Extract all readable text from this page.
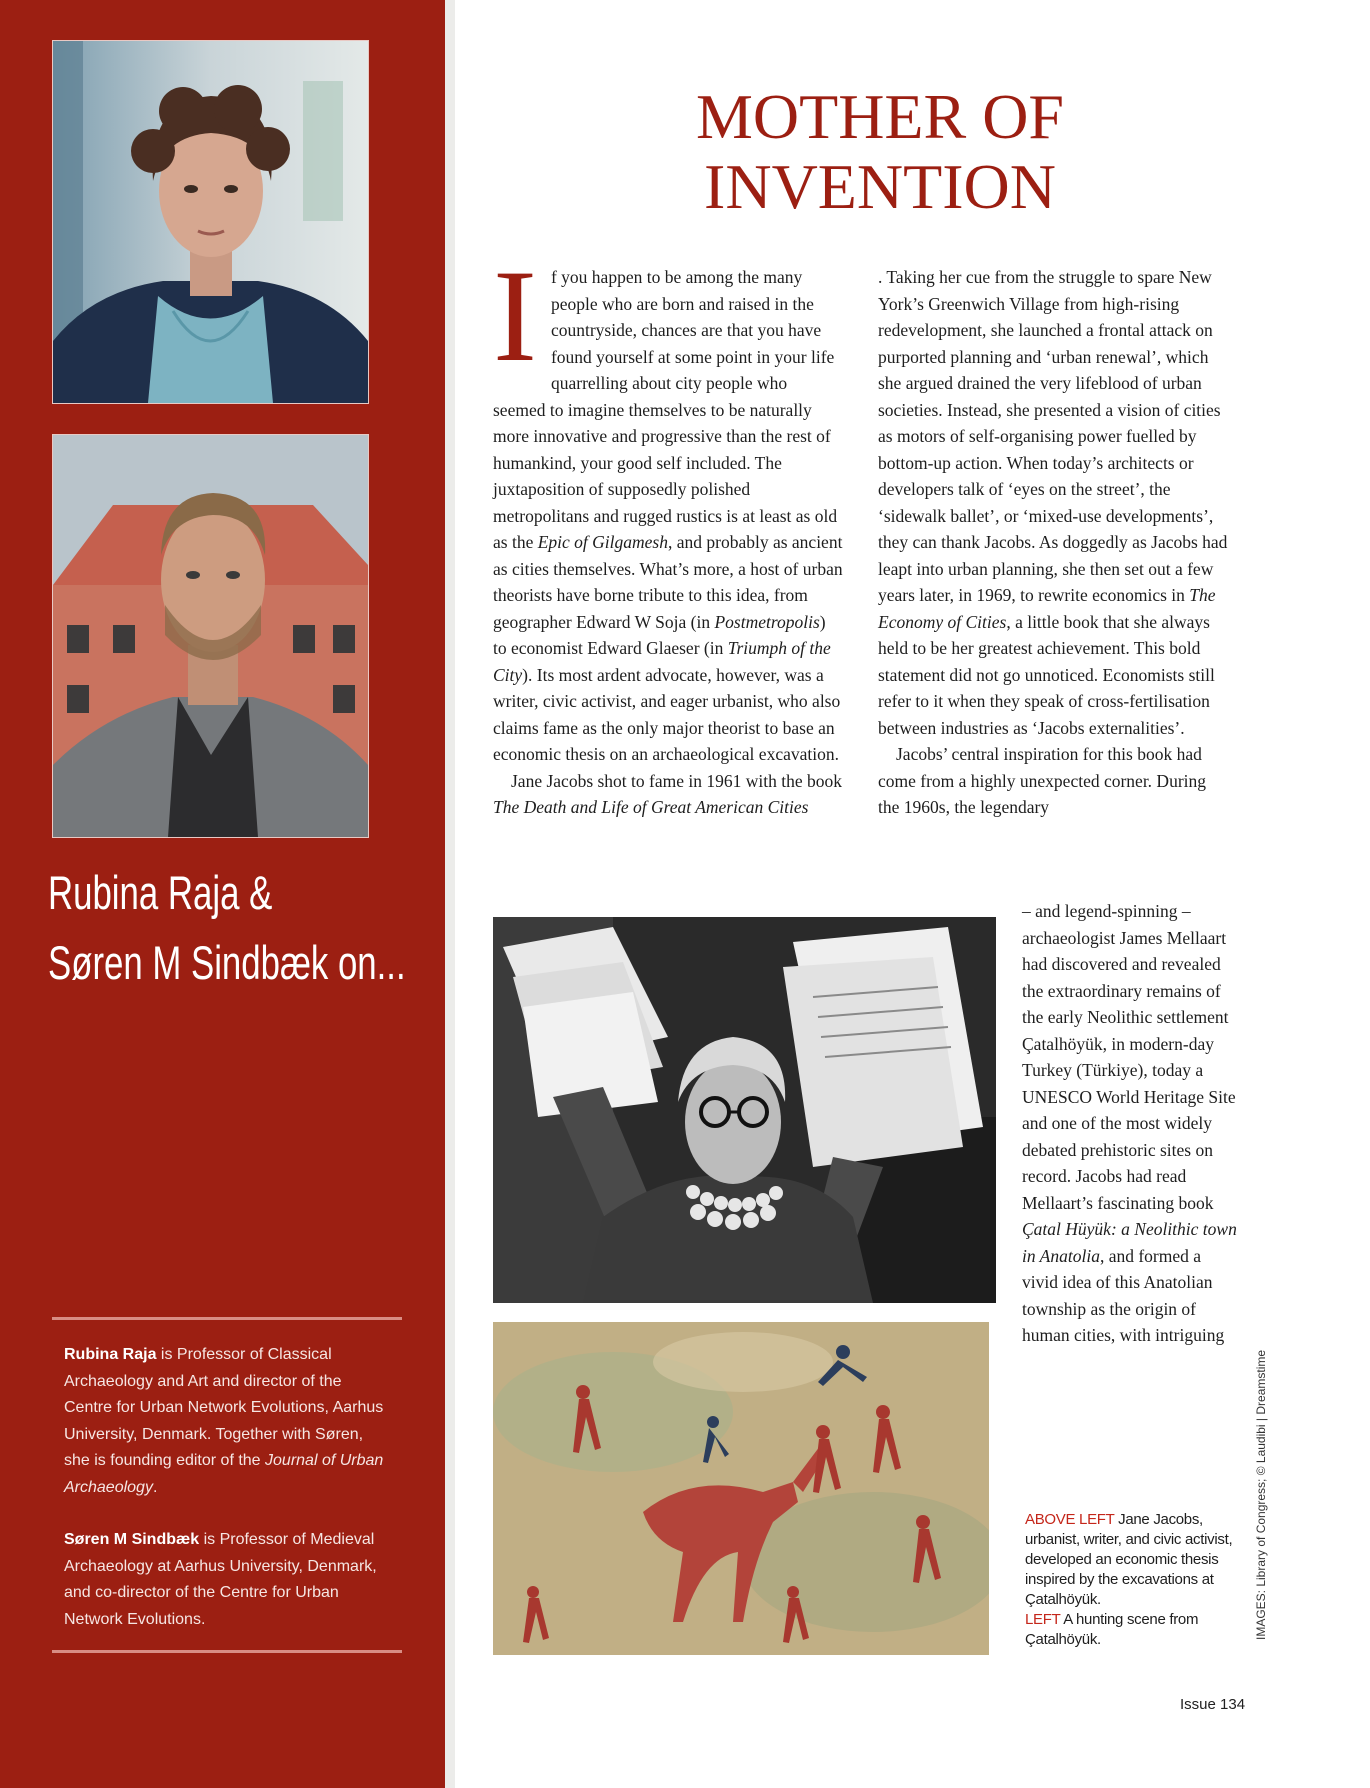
Rubina Raja &
Søren M Sindbæk on...

Rubina Raja is Professor of Classical Archaeology and Art and director of the Centre for Urban Network Evolutions, Aarhus University, Denmark. Together with Søren, she is founding editor of the Journal of Urban Archaeology.

Søren M Sindbæk is Professor of Medieval Archaeology at Aarhus University, Denmark, and co-director of the Centre for Urban Network Evolutions.

MOTHER OF
INVENTION

If you happen to be among the many people who are born and raised in the countryside, chances are that you have found yourself at some point in your life quarrelling about city people who seemed to imagine themselves to be naturally more innovative and progressive than the rest of humankind, your good self included. The juxtaposition of supposedly polished metropolitans and rugged rustics is at least as old as the Epic of Gilgamesh, and probably as ancient as cities themselves. What’s more, a host of urban theorists have borne tribute to this idea, from geographer Edward W Soja (in Postmetropolis) to economist Edward Glaeser (in Triumph of the City). Its most ardent advocate, however, was a writer, civic activist, and eager urbanist, who also claims fame as the only major theorist to base an economic thesis on an archaeological excavation.

Jane Jacobs shot to fame in 1961 with the book The Death and Life of Great American Cities

. Taking her cue from the struggle to spare New York’s Greenwich Village from high-rising redevelopment, she launched a frontal attack on purported planning and ‘urban renewal’, which she argued drained the very lifeblood of urban societies. Instead, she presented a vision of cities as motors of self-organising power fuelled by bottom-up action. When today’s architects or developers talk of ‘eyes on the street’, the ‘sidewalk ballet’, or ‘mixed-use developments’, they can thank Jacobs. As doggedly as Jacobs had leapt into urban planning, she then set out a few years later, in 1969, to rewrite economics in The Economy of Cities, a little book that she always held to be her greatest achievement. This bold statement did not go unnoticed. Economists still refer to it when they speak of cross-fertilisation between industries as ‘Jacobs externalities’.

Jacobs’ central inspiration for this book had come from a highly unexpected corner. During the 1960s, the legendary

– and legend-spinning – archaeologist James Mellaart had discovered and revealed the extraordinary remains of the early Neolithic settlement Çatalhöyük, in modern-day Turkey (Türkiye), today a UNESCO World Heritage Site and one of the most widely debated prehistoric sites on record. Jacobs had read Mellaart’s fascinating book Çatal Hüyük: a Neolithic town in Anatolia, and formed a vivid idea of this Anatolian township as the origin of human cities, with intriguing

ABOVE LEFT Jane Jacobs, urbanist, writer, and civic activist, developed an economic thesis inspired by the excavations at Çatalhöyük.
LEFT A hunting scene from Çatalhöyük.	IMAGES: Library of Congress; © Laudibi | Dreamstime
Issue 134
